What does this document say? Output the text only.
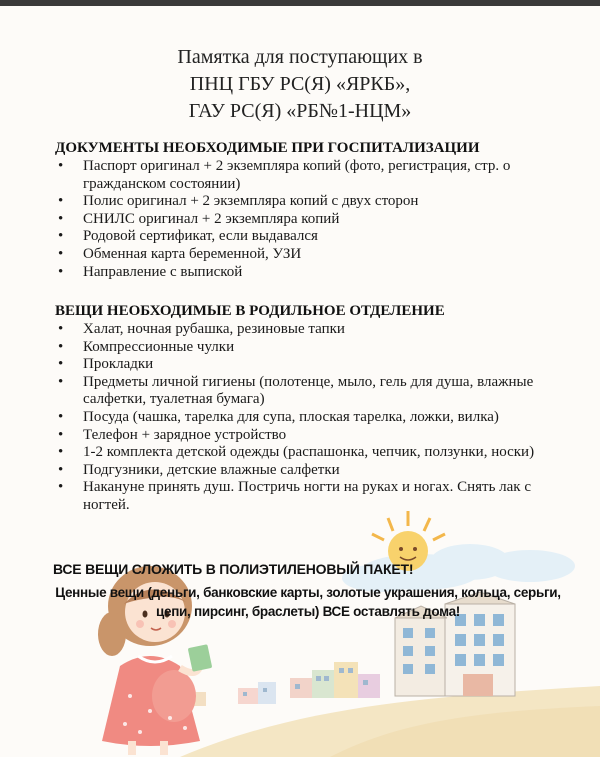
Памятка для поступающих в
ПНЦ ГБУ РС(Я) «ЯРКБ»,
ГАУ РС(Я) «РБ№1-НЦМ»
ДОКУМЕНТЫ НЕОБХОДИМЫЕ ПРИ ГОСПИТАЛИЗАЦИИ
• Паспорт оригинал + 2 экземпляра копий (фото, регистрация, стр. о гражданском состоянии)
• Полис оригинал + 2 экземпляра копий с двух сторон
• СНИЛС оригинал + 2 экземпляра копий
• Родовой сертификат, если выдавался
• Обменная карта беременной, УЗИ
• Направление с выпиской
ВЕЩИ НЕОБХОДИМЫЕ В РОДИЛЬНОЕ ОТДЕЛЕНИЕ
• Халат, ночная рубашка, резиновые тапки
• Компрессионные чулки
• Прокладки
• Предметы личной гигиены (полотенце, мыло, гель для душа, влажные салфетки, туалетная бумага)
• Посуда (чашка, тарелка для супа, плоская тарелка, ложки, вилка)
• Телефон + зарядное устройство
• 1-2 комплекта детской одежды (распашонка, чепчик, ползунки, носки)
• Подгузники, детские влажные салфетки
• Накануне принять душ. Постричь ногти на руках и ногах. Снять лак с ногтей.
ВСЕ ВЕЩИ СЛОЖИТЬ В ПОЛИЭТИЛЕНОВЫЙ ПАКЕТ!
Ценные вещи (деньги, банковские карты, золотые украшения, кольца, серьги, цепи, пирсинг, браслеты) ВСЕ оставлять дома!
